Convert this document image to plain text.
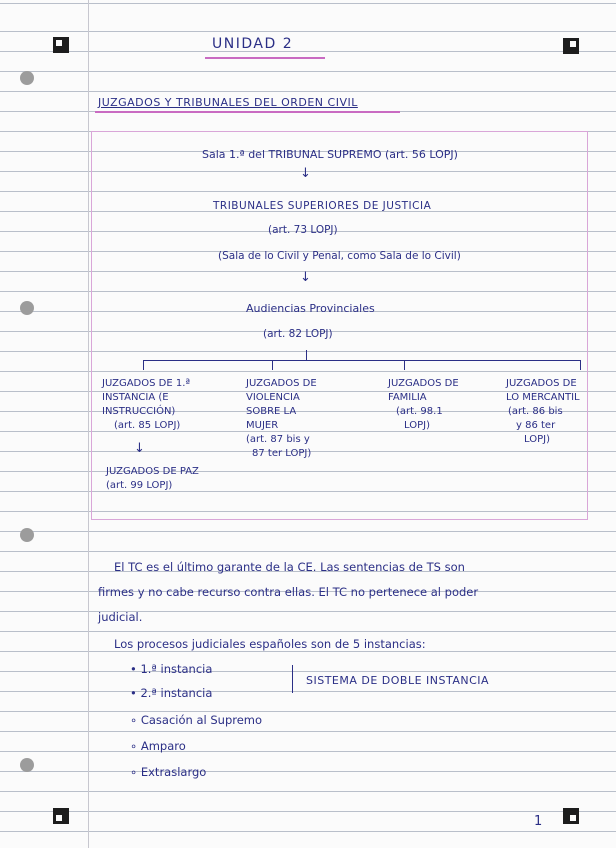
UNIDAD 2
JUZGADOS Y TRIBUNALES DEL ORDEN CIVIL
Sala 1.ª del TRIBUNAL SUPREMO (art. 56 LOPJ)
↓
TRIBUNALES SUPERIORES DE JUSTICIA
(art. 73 LOPJ)
(Sala de lo Civil y Penal, como Sala de lo Civil)
↓
Audiencias Provinciales
(art. 82 LOPJ)
JUZGADOS DE 1.ª
INSTANCIA (E
INSTRUCCIÓN)
(art. 85 LOPJ)
↓
JUZGADOS DE PAZ
(art. 99 LOPJ)
JUZGADOS DE
VIOLENCIA
SOBRE LA
MUJER
(art. 87 bis y
87 ter LOPJ)
JUZGADOS DE
FAMILIA
(art. 98.1
LOPJ)
JUZGADOS DE
LO MERCANTIL
(art. 86 bis
y 86 ter
LOPJ)
El TC es el último garante de la CE. Las sentencias de TS son
firmes y no cabe recurso contra ellas. El TC no pertenece al poder
judicial.
Los procesos judiciales españoles son de 5 instancias:
• 1.ª instancia
• 2.ª instancia
∘ Casación al Supremo
∘ Amparo
∘ Extraslargo
SISTEMA DE DOBLE INSTANCIA
1
